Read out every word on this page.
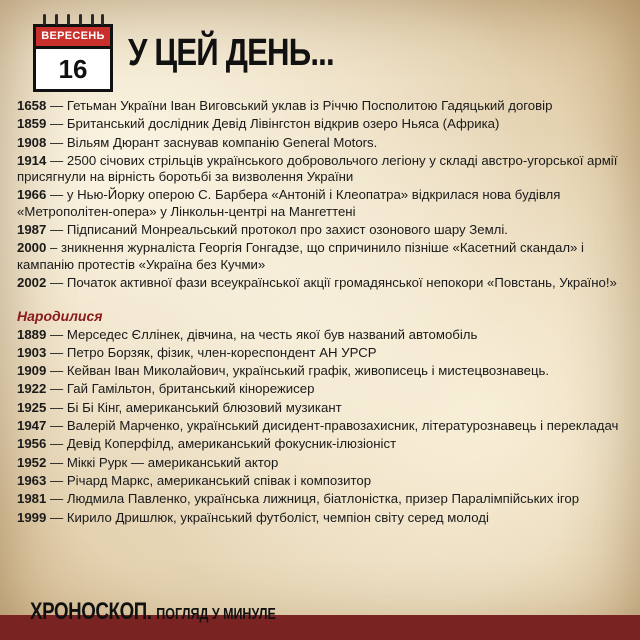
ВЕРЕСЕНЬ
16	У ЦЕЙ ДЕНЬ...
1658 — Гетьман України Іван Виговський уклав із Річчю Посполитою Гадяцький договір
1859 — Британський дослідник Девід Лівінгстон відкрив озеро Ньяса (Африка)
1908 — Вільям Дюрант заснував компанію General Motors.
1914 — 2500 січових стрільців українського добровольчого легіону у складі австро-угорської армії присягнули на вірність боротьбі за визволення України
1966 — у Нью-Йорку оперою С. Барбера «Антоній і Клеопатра» відкрилася нова будівля «Метрополітен-опера» у Лінкольн-центрі на Мангеттені
1987 — Підписаний Монреальський протокол про захист озонового шару Землі.
2000 – зникнення журналіста Георгія Гонгадзе, що спричинило пізніше «Касетний скандал» і кампанію протестів «Україна без Кучми»
2002 — Початок активної фази всеукраїнської акції громадянської непокори «Повстань, Україно!»
Народилися
1889 — Мерседес Єллінек, дівчина, на честь якої був названий автомобіль
1903 — Петро Борзяк, фізик, член-кореспондент АН УРСР
1909 — Кейван Іван Миколайович, український графік, живописець і мистецвознавець.
1922 — Гай Гамільтон, британський кінорежисер
1925 — Бі Бі Кінг, американський блюзовий музикант
1947 — Валерій Марченко, український дисидент-правозахисник, літературознавець і перекладач
1956 — Девід Коперфілд, американський фокусник-ілюзіоніст
1952 — Міккі Рурк — американський актор
1963 — Річард Маркс, американський співак і композитор
1981 — Людмила Павленко, українська лижниця, біатлоністка, призер Паралімпійських ігор
1999 — Кирило Дришлюк, український футболіст, чемпіон світу серед молоді
ХРОНОСКОП. ПОГЛЯД У МИНУЛЕ
